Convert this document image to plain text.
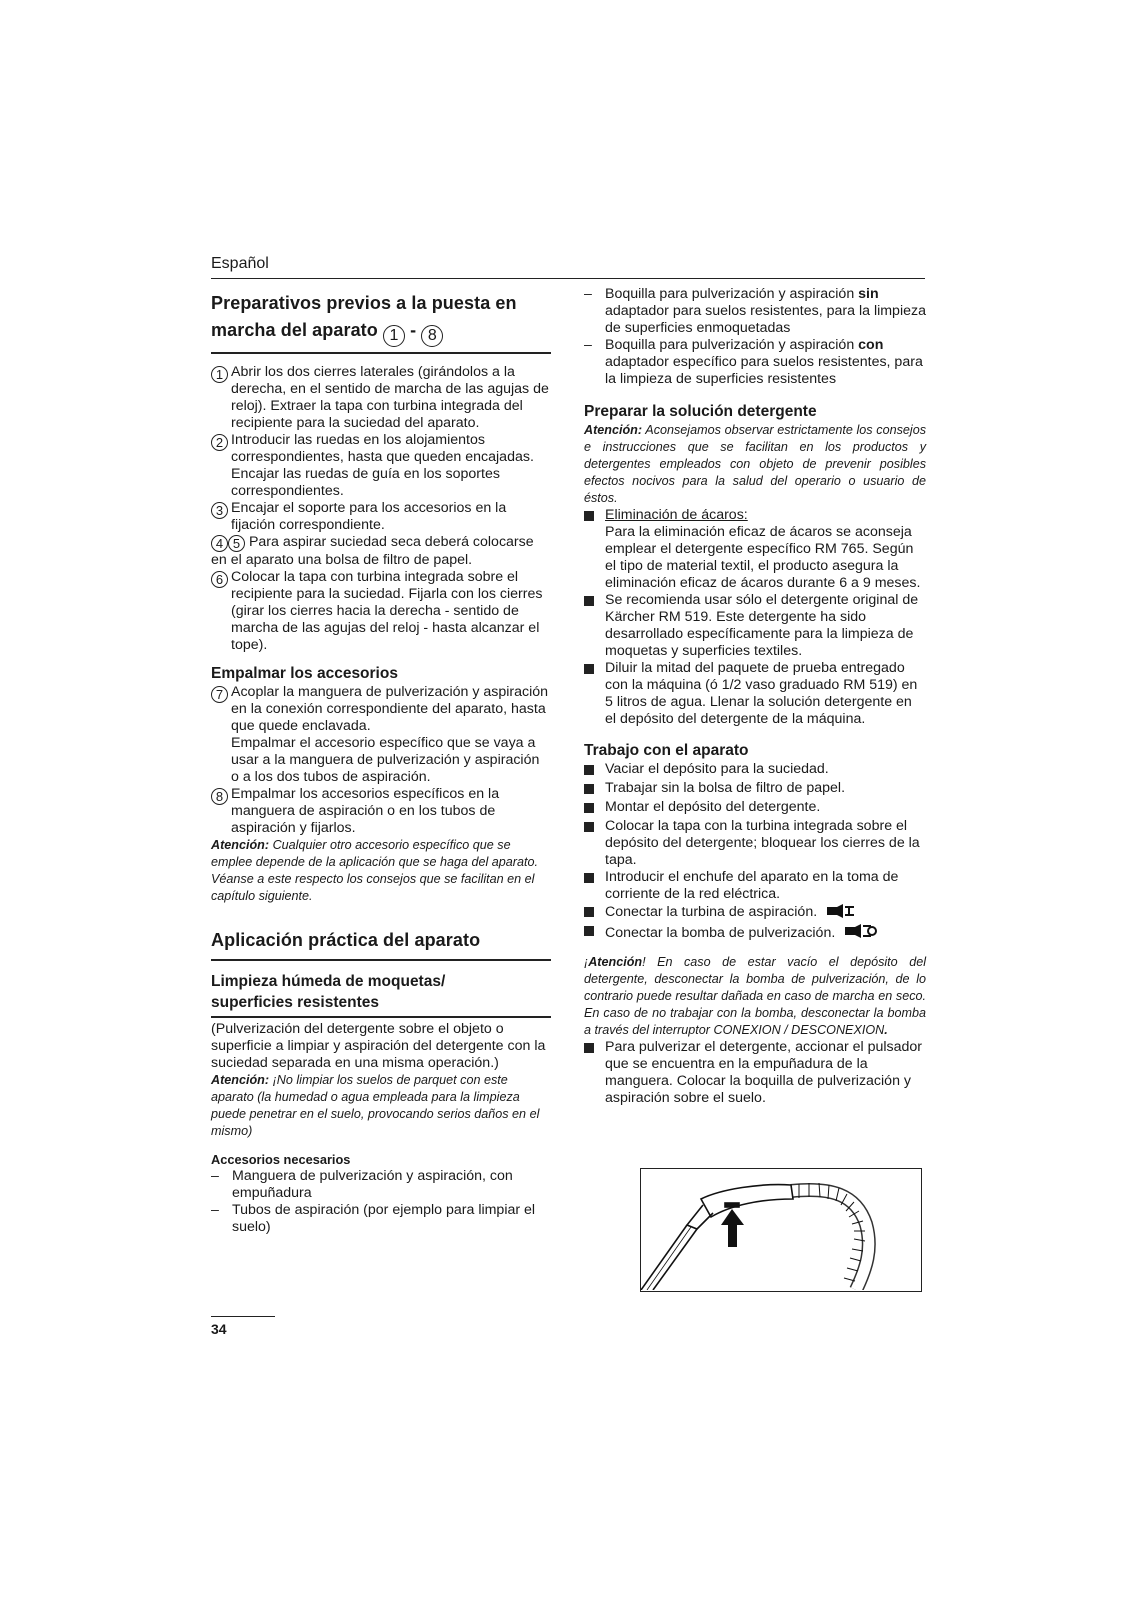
Español
Preparativos previos a la puesta en
marcha del aparato 1 - 8
1 Abrir los dos cierres laterales (girándolos a la derecha, en el sentido de marcha de las agujas de reloj). Extraer la tapa con turbina integrada del recipiente para la suciedad del aparato.
2 Introducir las ruedas en los alojamientos correspondientes, hasta que queden encajadas.
Encajar las ruedas de guía en los soportes correspondientes.
3 Encajar el soporte para los accesorios en la fijación correspondiente.
4 5 Para aspirar suciedad seca deberá colocarse en el aparato una bolsa de filtro de papel.
6 Colocar la tapa con turbina integrada sobre el recipiente para la suciedad. Fijarla con los cierres (girar los cierres hacia la derecha - sentido de marcha de las agujas del reloj - hasta alcanzar el tope).
Empalmar los accesorios
7 Acoplar la manguera de pulverización y aspiración en la conexión correspondiente del aparato, hasta que quede enclavada.
Empalmar el accesorio específico que se vaya a usar a la manguera de pulverización y aspiración o a los dos tubos de aspiración.
8 Empalmar los accesorios específicos en la manguera de aspiración o en los tubos de aspiración y fijarlos.
Atención: Cualquier otro accesorio específico que se emplee depende de la aplicación que se haga del aparato. Véanse a este respecto los consejos que se facilitan en el capítulo siguiente.
Aplicación práctica del aparato
Limpieza húmeda de moquetas/
superficies resistentes
(Pulverización del detergente sobre el objeto o superficie a limpiar y aspiración del detergente con la suciedad separada en una misma operación.)
Atención: ¡No limpiar los suelos de parquet con este aparato (la humedad o agua empleada para la limpieza puede penetrar en el suelo, provocando serios daños en el mismo)
Accesorios necesarios
– Manguera de pulverización y aspiración, con empuñadura
– Tubos de aspiración (por ejemplo para limpiar el suelo)
34
– Boquilla para pulverización y aspiración sin adaptador para suelos resistentes, para la limpieza de superficies enmoquetadas
– Boquilla para pulverización y aspiración con adaptador específico para suelos resistentes, para la limpieza de superficies resistentes
Preparar la solución detergente
Atención: Aconsejamos observar estrictamente los consejos e instrucciones que se facilitan en los productos y detergentes empleados con objeto de prevenir posibles efectos nocivos para la salud del operario o usuario de éstos.
Eliminación de ácaros:
Para la eliminación eficaz de ácaros se aconseja emplear el detergente específico RM 765. Según el tipo de material textil, el producto asegura la eliminación eficaz de ácaros durante 6 a 9 meses.
Se recomienda usar sólo el detergente original de Kärcher RM 519. Este detergente ha sido desarrollado específicamente para la limpieza de moquetas y superficies textiles.
Diluir la mitad del paquete de prueba entregado con la máquina (ó 1/2 vaso graduado RM 519) en 5 litros de agua. Llenar la solución detergente en el depósito del detergente de la máquina.
Trabajo con el aparato
Vaciar el depósito para la suciedad.
Trabajar sin la bolsa de filtro de papel.
Montar el depósito del detergente.
Colocar la tapa con la turbina integrada sobre el depósito del detergente; bloquear los cierres de la tapa.
Introducir el enchufe del aparato en la toma de corriente de la red eléctrica.
Conectar la turbina de aspiración.
Conectar la bomba de pulverización.
¡Atención! En caso de estar vacío el depósito del detergente, desconectar la bomba de pulverización, de lo contrario puede resultar dañada en caso de marcha en seco. En caso de no trabajar con la bomba, desconectar la bomba a través del interruptor CONEXION / DESCONEXION.
Para pulverizar el detergente, accionar el pulsador que se encuentra en la empuñadura de la manguera. Colocar la boquilla de pulverización y aspiración sobre el suelo.
